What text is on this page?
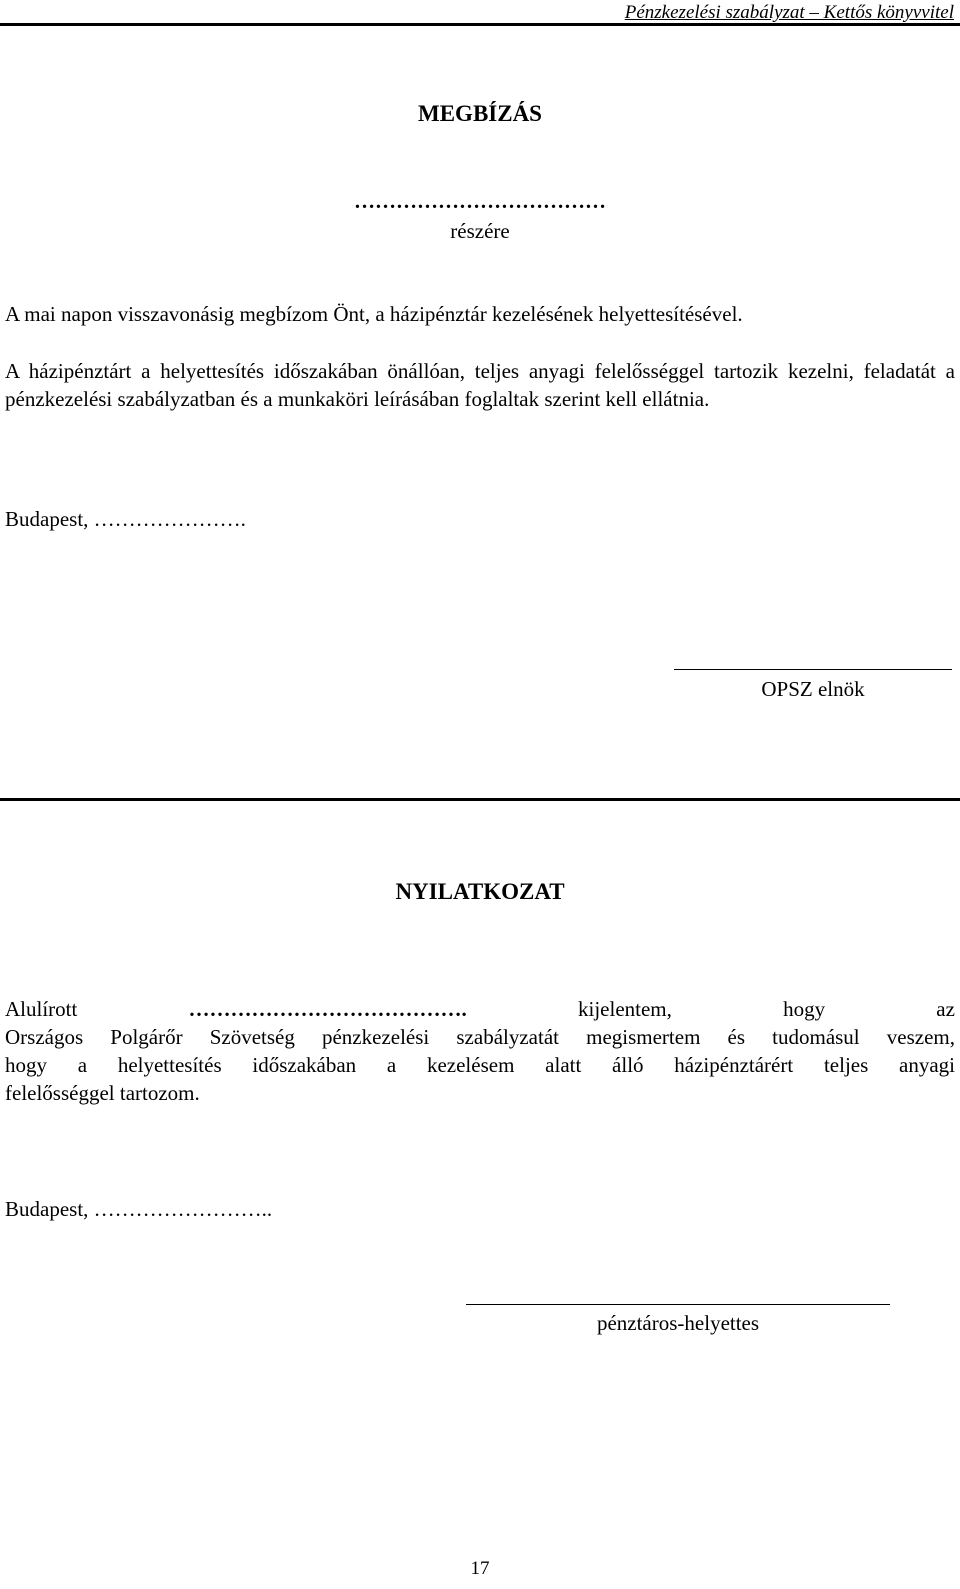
Pénzkezelési szabályzat – Kettős könyvvitel
MEGBÍZÁS
………………………………
részére
A mai napon visszavonásig megbízom Önt, a házipénztár kezelésének helyettesítésével.
A házipénztárt a helyettesítés időszakában önállóan, teljes anyagi felelősséggel tartozik kezelni, feladatát a pénzkezelési szabályzatban és a munkaköri leírásában foglaltak szerint kell ellátnia.
Budapest, ………………….
OPSZ elnök
NYILATKOZAT
Alulírott	………………………………….	kijelentem,	hogy	az
Országos Polgárőr Szövetség pénzkezelési szabályzatát megismertem és tudomásul veszem,
hogy a helyettesítés időszakában a kezelésem alatt álló házipénztárért teljes anyagi
felelősséggel tartozom.
Budapest, ……………………..
pénztáros-helyettes
17
